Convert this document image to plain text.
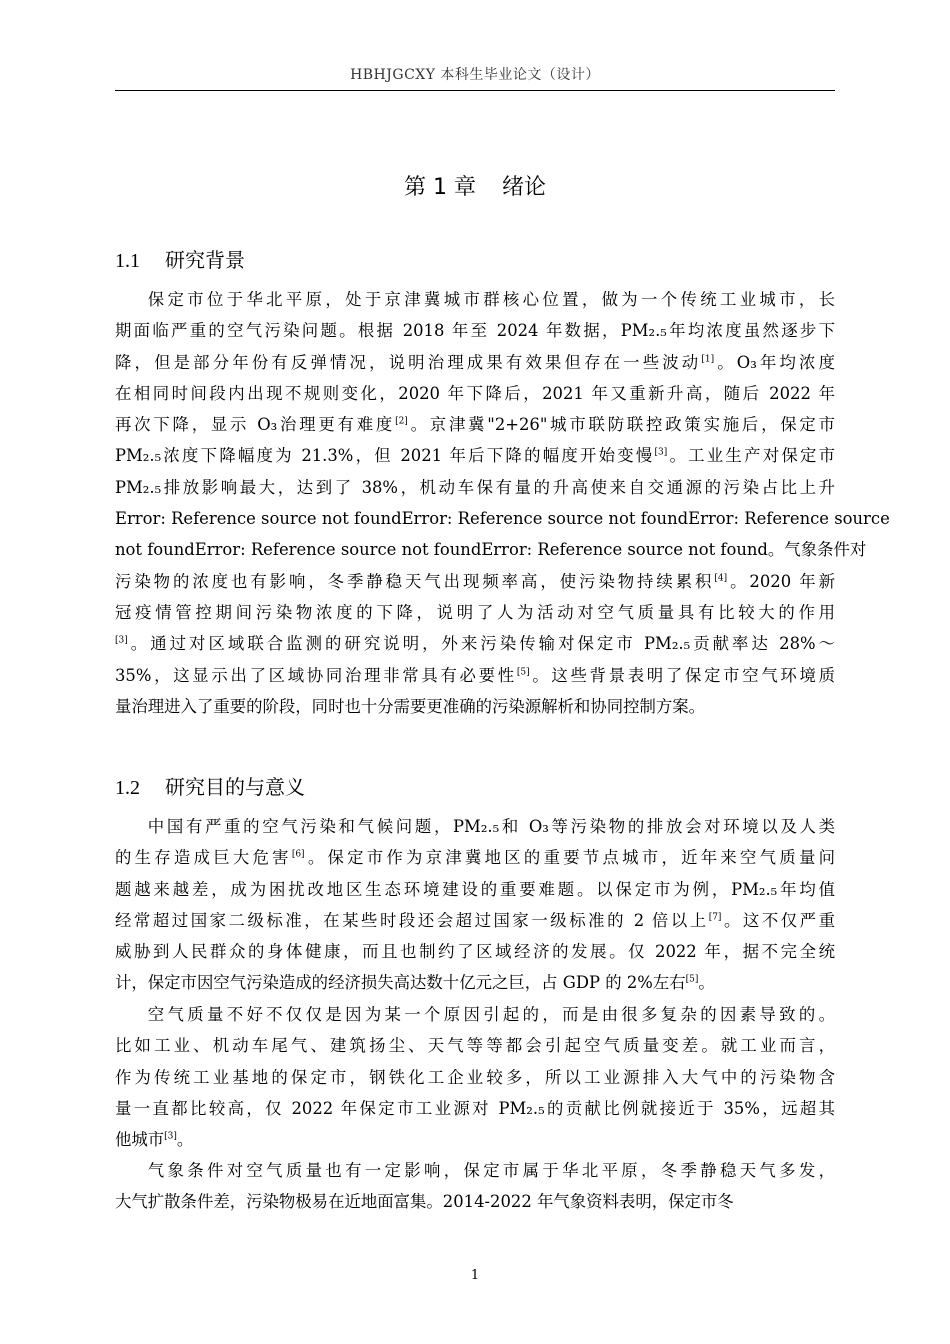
HBHJGCXY 本科生毕业论文（设计）
第 1 章 绪论
1.1 研究背景
保定市位于华北平原，处于京津冀城市群核心位置，做为一个传统工业城市，长
期面临严重的空气污染问题。根据 2018 年至 2024 年数据，PM₂.₅年均浓度虽然逐步下
降，但是部分年份有反弹情况，说明治理成果有效果但存在一些波动[1]。O₃年均浓度
在相同时间段内出现不规则变化，2020 年下降后，2021 年又重新升高，随后 2022 年
再次下降，显示 O₃治理更有难度[2]。京津冀"2+26"城市联防联控政策实施后，保定市
PM₂.₅浓度下降幅度为 21.3%，但 2021 年后下降的幅度开始变慢[3]。工业生产对保定市
PM₂.₅排放影响最大，达到了 38%，机动车保有量的升高使来自交通源的污染占比上升
Error: Reference source not foundError: Reference source not foundError: Reference source
not foundError: Reference source not foundError: Reference source not found。气象条件对
污染物的浓度也有影响，冬季静稳天气出现频率高，使污染物持续累积[4]。2020 年新
冠疫情管控期间污染物浓度的下降，说明了人为活动对空气质量具有比较大的作用
[3]。通过对区域联合监测的研究说明，外来污染传输对保定市 PM₂.₅贡献率达 28%～
35%，这显示出了区域协同治理非常具有必要性[5]。这些背景表明了保定市空气环境质
量治理进入了重要的阶段，同时也十分需要更准确的污染源解析和协同控制方案。
1.2 研究目的与意义
中国有严重的空气污染和气候问题，PM₂.₅和 O₃等污染物的排放会对环境以及人类
的生存造成巨大危害[6]。保定市作为京津冀地区的重要节点城市，近年来空气质量问
题越来越差，成为困扰改地区生态环境建设的重要难题。以保定市为例，PM₂.₅年均值
经常超过国家二级标准，在某些时段还会超过国家一级标准的 2 倍以上[7]。这不仅严重
威胁到人民群众的身体健康，而且也制约了区域经济的发展。仅 2022 年，据不完全统
计，保定市因空气污染造成的经济损失高达数十亿元之巨，占 GDP 的 2%左右[5]。
空气质量不好不仅仅是因为某一个原因引起的，而是由很多复杂的因素导致的。
比如工业、机动车尾气、建筑扬尘、天气等等都会引起空气质量变差。就工业而言，
作为传统工业基地的保定市，钢铁化工企业较多，所以工业源排入大气中的污染物含
量一直都比较高，仅 2022 年保定市工业源对 PM₂.₅的贡献比例就接近于 35%，远超其
他城市[3]。
气象条件对空气质量也有一定影响，保定市属于华北平原，冬季静稳天气多发，
大气扩散条件差，污染物极易在近地面富集。2014-2022 年气象资料表明，保定市冬
1
